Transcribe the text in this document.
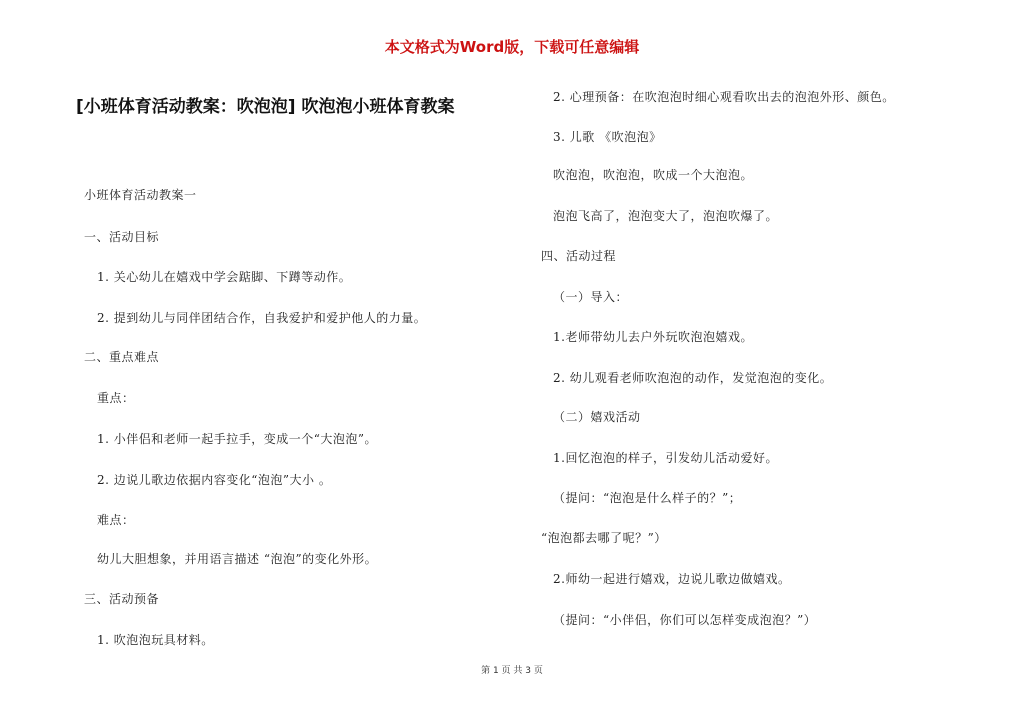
本文格式为Word版，下载可任意编辑
[小班体育活动教案：吹泡泡] 吹泡泡小班体育教案
小班体育活动教案一
一、活动目标
1. 关心幼儿在嬉戏中学会踮脚、下蹲等动作。
2. 提到幼儿与同伴团结合作，自我爱护和爱护他人的力量。
二、重点难点
重点：
1. 小伴侣和老师一起手拉手，变成一个“大泡泡”。
2. 边说儿歌边依据内容变化“泡泡”大小 。
难点：
幼儿大胆想象，并用语言描述 “泡泡”的变化外形。
三、活动预备
1. 吹泡泡玩具材料。
2. 心理预备：在吹泡泡时细心观看吹出去的泡泡外形、颜色。
3. 儿歌 《吹泡泡》
吹泡泡，吹泡泡，吹成一个大泡泡。
泡泡飞高了，泡泡变大了，泡泡吹爆了。
四、活动过程
（一）导入：
1.老师带幼儿去户外玩吹泡泡嬉戏。
2. 幼儿观看老师吹泡泡的动作，发觉泡泡的变化。
（二）嬉戏活动
1.回忆泡泡的样子，引发幼儿活动爱好。
（提问：“泡泡是什么样子的？”；
“泡泡都去哪了呢？”）
2.师幼一起进行嬉戏，边说儿歌边做嬉戏。
（提问：“小伴侣，你们可以怎样变成泡泡？”）
第 1 页 共 3 页
